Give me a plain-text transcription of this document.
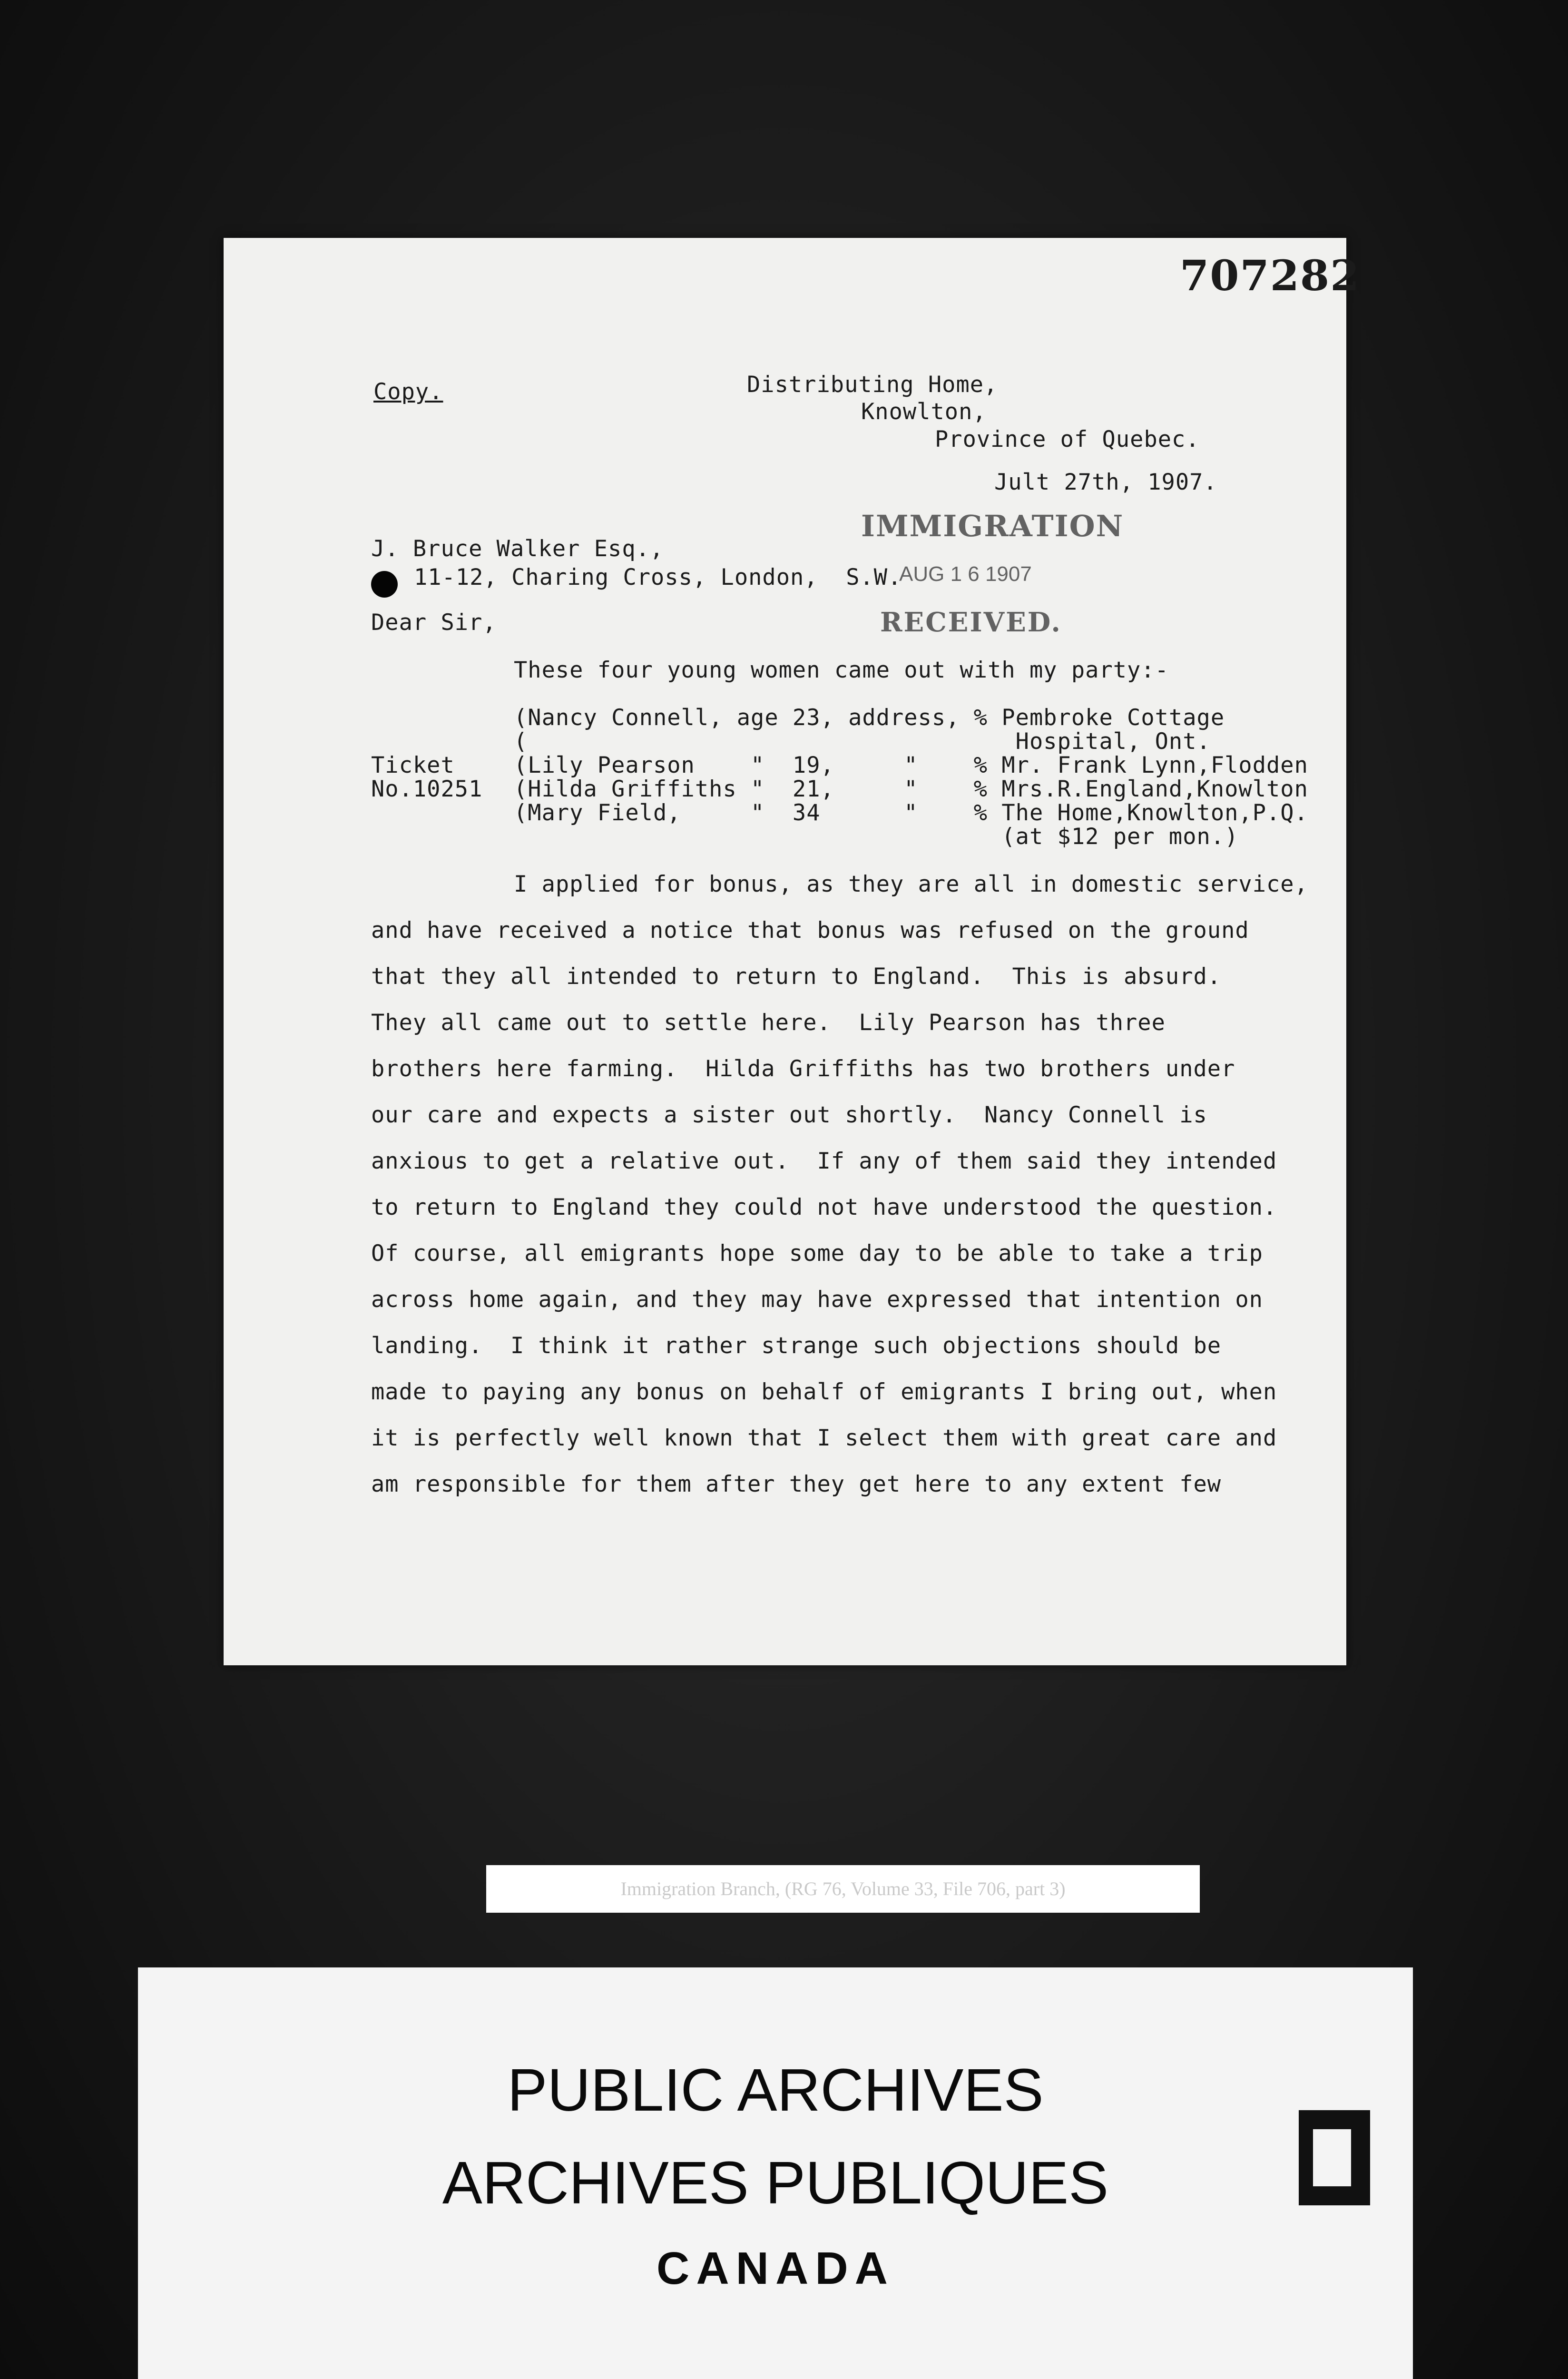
707282
Copy.	Distributing Home,
Knowlton,
Province of Quebec.
Jult 27th, 1907.
J. Bruce Walker Esq.,
11-12, Charing Cross, London,  S.W.
Dear Sir,
These four young women came out with my party:-
(Nancy Connell, age 23, address, % Pembroke Cottage
(                                   Hospital, Ont.
(Lily Pearson    "  19,     "    % Mr. Frank Lynn,Flodden
(Hilda Griffiths "  21,     "    % Mrs.R.England,Knowlton
(Mary Field,     "  34      "    % The Home,Knowlton,P.Q.
(at $12 per mon.)
Ticket
No.10251
I applied for bonus, as they are all in domestic service,
and have received a notice that bonus was refused on the ground
that they all intended to return to England.  This is absurd.
They all came out to settle here.  Lily Pearson has three
brothers here farming.  Hilda Griffiths has two brothers under
our care and expects a sister out shortly.  Nancy Connell is
anxious to get a relative out.  If any of them said they intended
to return to England they could not have understood the question.
Of course, all emigrants hope some day to be able to take a trip
across home again, and they may have expressed that intention on
landing.  I think it rather strange such objections should be
made to paying any bonus on behalf of emigrants I bring out, when
it is perfectly well known that I select them with great care and
am responsible for them after they get here to any extent few
IMMIGRATION
AUG 1 6 1907
RECEIVED.
Immigration Branch, (RG 76, Volume 33, File 706, part 3)
PUBLIC ARCHIVES
ARCHIVES PUBLIQUES
CANADA
